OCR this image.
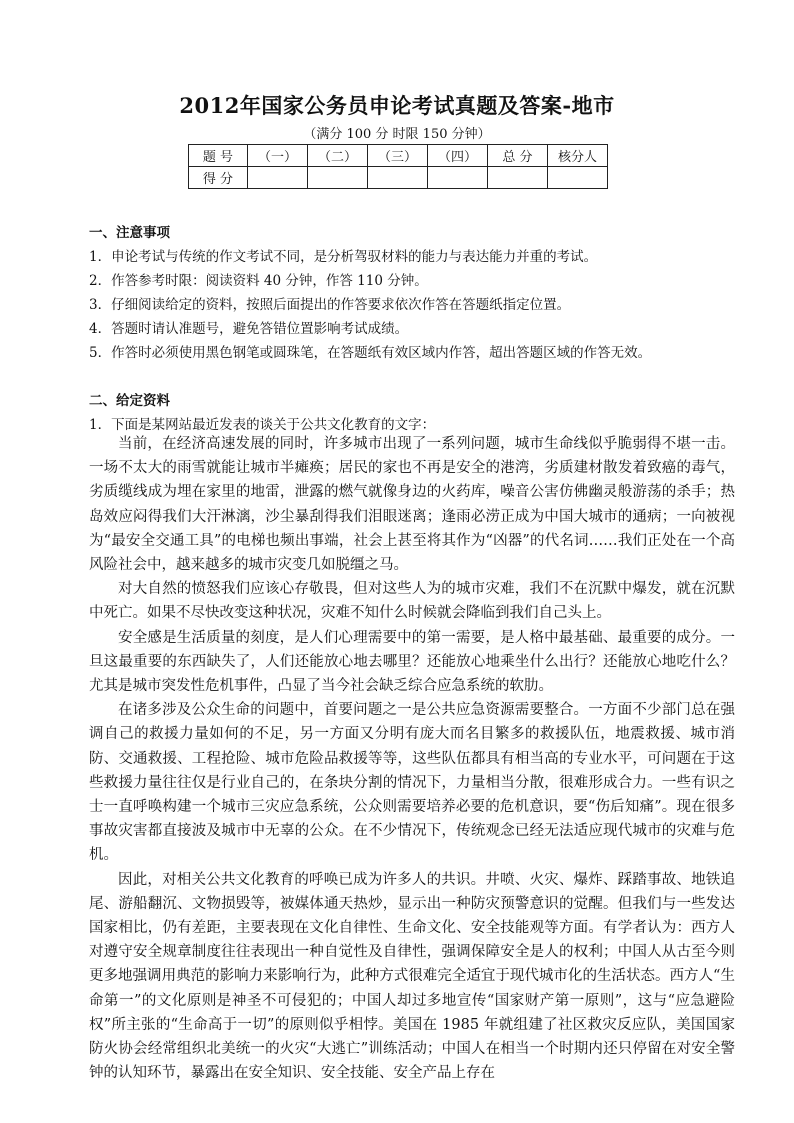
2012年国家公务员申论考试真题及答案-地市
（满分 100 分 时限 150 分钟）
题 号	（一）	（二）	（三）	（四）	总 分	核分人
得 分						
一、注意事项
1．申论考试与传统的作文考试不同，是分析驾驭材料的能力与表达能力并重的考试。
2．作答参考时限：阅读资料 40 分钟，作答 110 分钟。
3．仔细阅读给定的资料，按照后面提出的作答要求依次作答在答题纸指定位置。
4．答题时请认准题号，避免答错位置影响考试成绩。
5．作答时必须使用黑色钢笔或圆珠笔，在答题纸有效区域内作答，超出答题区域的作答无效。
二、给定资料
1．下面是某网站最近发表的谈关于公共文化教育的文字：

当前，在经济高速发展的同时，许多城市出现了一系列问题，城市生命线似乎脆弱得不堪一击。一场不太大的雨雪就能让城市半瘫痪；居民的家也不再是安全的港湾，劣质建材散发着致癌的毒气，劣质缆线成为埋在家里的地雷，泄露的燃气就像身边的火药库，噪音公害仿佛幽灵般游荡的杀手；热岛效应闷得我们大汗淋漓，沙尘暴刮得我们泪眼迷离；逢雨必涝正成为中国大城市的通病；一向被视为“最安全交通工具”的电梯也频出事端，社会上甚至将其作为“凶器”的代名词……我们正处在一个高风险社会中，越来越多的城市灾变几如脱缰之马。

对大自然的愤怒我们应该心存敬畏，但对这些人为的城市灾难，我们不在沉默中爆发，就在沉默中死亡。如果不尽快改变这种状况，灾难不知什么时候就会降临到我们自己头上。

安全感是生活质量的刻度，是人们心理需要中的第一需要，是人格中最基础、最重要的成分。一旦这最重要的东西缺失了，人们还能放心地去哪里？还能放心地乘坐什么出行？还能放心地吃什么？尤其是城市突发性危机事件，凸显了当今社会缺乏综合应急系统的软肋。

在诸多涉及公众生命的问题中，首要问题之一是公共应急资源需要整合。一方面不少部门总在强调自己的救援力量如何的不足，另一方面又分明有庞大而名目繁多的救援队伍，地震救援、城市消防、交通救援、工程抢险、城市危险品救援等等，这些队伍都具有相当高的专业水平，可问题在于这些救援力量往往仅是行业自己的，在条块分割的情况下，力量相当分散，很难形成合力。一些有识之士一直呼唤构建一个城市三灾应急系统，公众则需要培养必要的危机意识，要“伤后知痛”。现在很多事故灾害都直接波及城市中无辜的公众。在不少情况下，传统观念已经无法适应现代城市的灾难与危机。

因此，对相关公共文化教育的呼唤已成为许多人的共识。井喷、火灾、爆炸、踩踏事故、地铁追尾、游船翻沉、文物损毁等，被媒体通天热炒，显示出一种防灾预警意识的觉醒。但我们与一些发达国家相比，仍有差距，主要表现在文化自律性、生命文化、安全技能观等方面。有学者认为：西方人对遵守安全规章制度往往表现出一种自觉性及自律性，强调保障安全是人的权利；中国人从古至今则更多地强调用典范的影响力来影响行为，此种方式很难完全适宜于现代城市化的生活状态。西方人“生命第一”的文化原则是神圣不可侵犯的；中国人却过多地宣传“国家财产第一原则”，这与“应急避险权”所主张的“生命高于一切”的原则似乎相悖。美国在 1985 年就组建了社区救灾反应队，美国国家防火协会经常组织北美统一的火灾“大逃亡”训练活动；中国人在相当一个时期内还只停留在对安全警钟的认知环节，暴露出在安全知识、安全技能、安全产品上存在
